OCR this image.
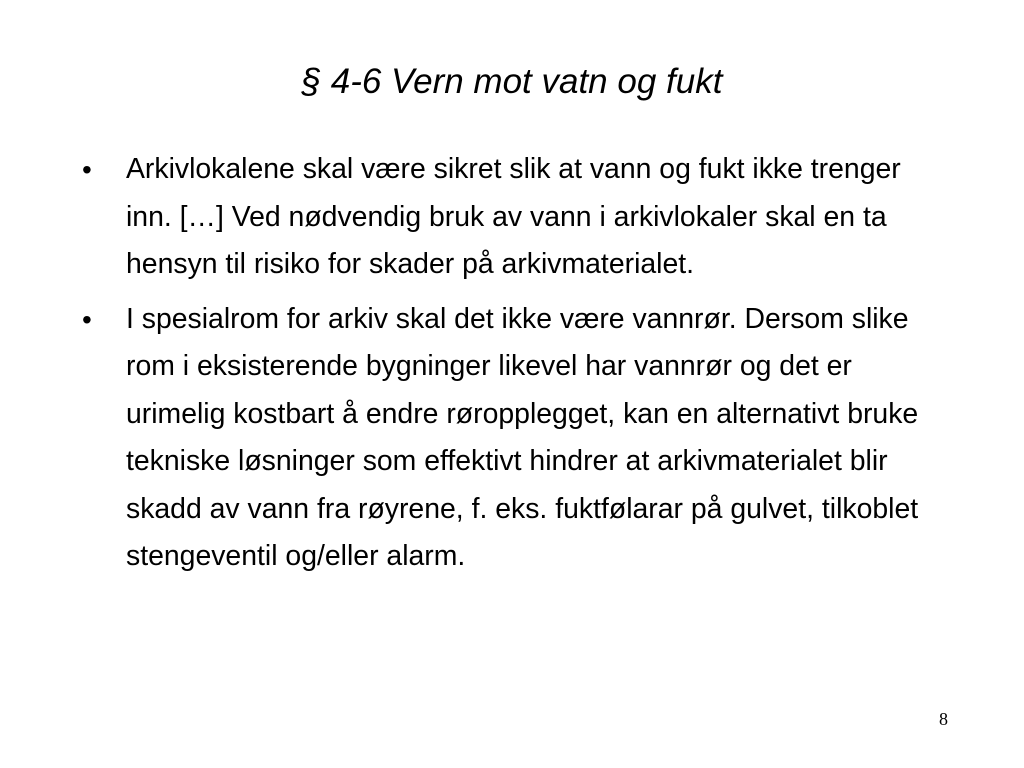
§ 4-6 Vern mot vatn og fukt
•	Arkivlokalene skal være sikret slik at vann og fukt ikke trenger inn. […] Ved nødvendig bruk av vann i arkivlokaler skal en ta hensyn til risiko for skader på arkivmaterialet.
•	I spesialrom for arkiv skal det ikke være vannrør. Dersom slike rom i eksisterende bygninger likevel har vannrør og det er urimelig kostbart å endre røropplegget, kan en alternativt bruke tekniske løsninger som effektivt hindrer at arkivmaterialet blir skadd av vann fra røyrene, f. eks. fuktfølarar på gulvet, tilkoblet stengeventil og/eller alarm.
8
